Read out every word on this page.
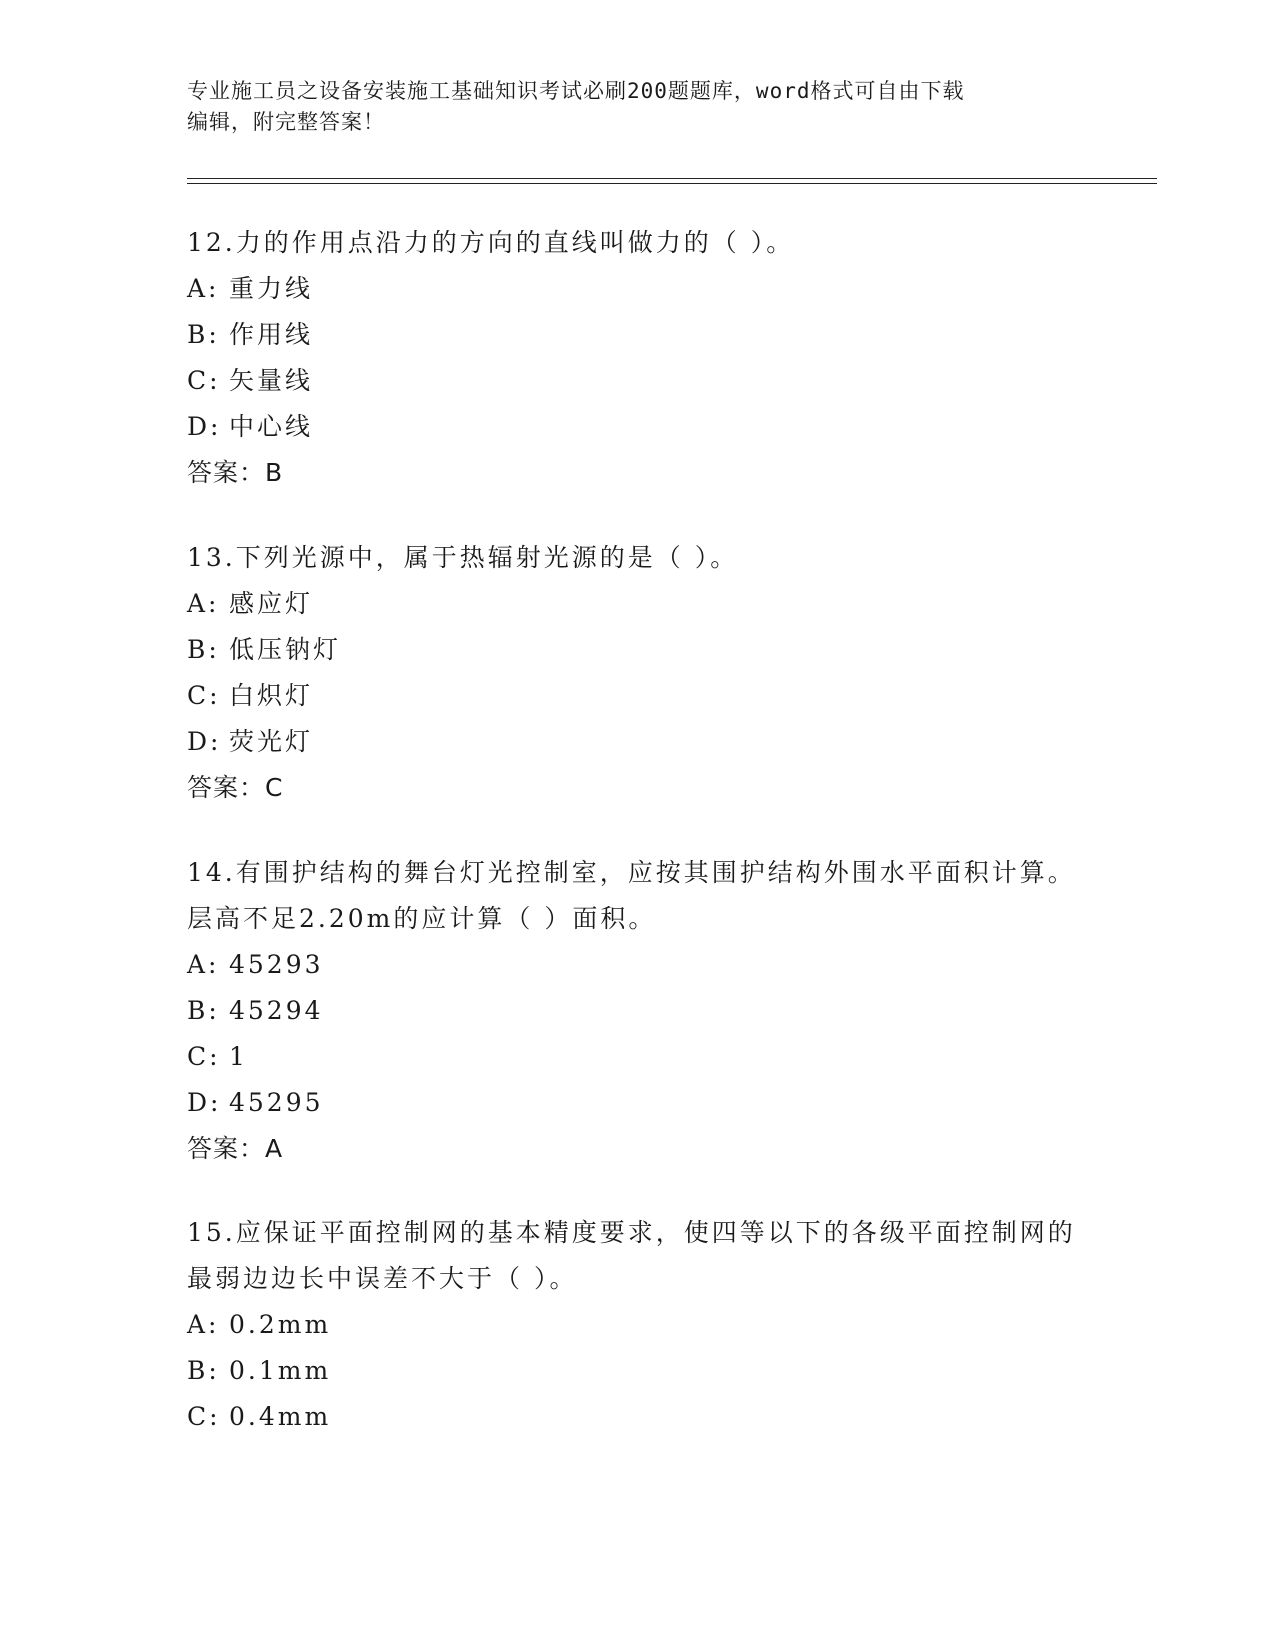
专业施工员之设备安装施工基础知识考试必刷200题题库，word格式可自由下载
编辑，附完整答案！

12.力的作用点沿力的方向的直线叫做力的（ ）。

A: 重力线

B: 作用线

C: 矢量线

D: 中心线

答案：B

13.下列光源中，属于热辐射光源的是（ ）。

A: 感应灯

B: 低压钠灯

C: 白炽灯

D: 荧光灯

答案：C

14.有围护结构的舞台灯光控制室，应按其围护结构外围水平面积计算。层高不足2.20m的应计算（ ）面积。

A: 45293

B: 45294

C: 1

D: 45295

答案：A

15.应保证平面控制网的基本精度要求，使四等以下的各级平面控制网的最弱边边长中误差不大于（ ）。

A: 0.2mm

B: 0.1mm

C: 0.4mm
